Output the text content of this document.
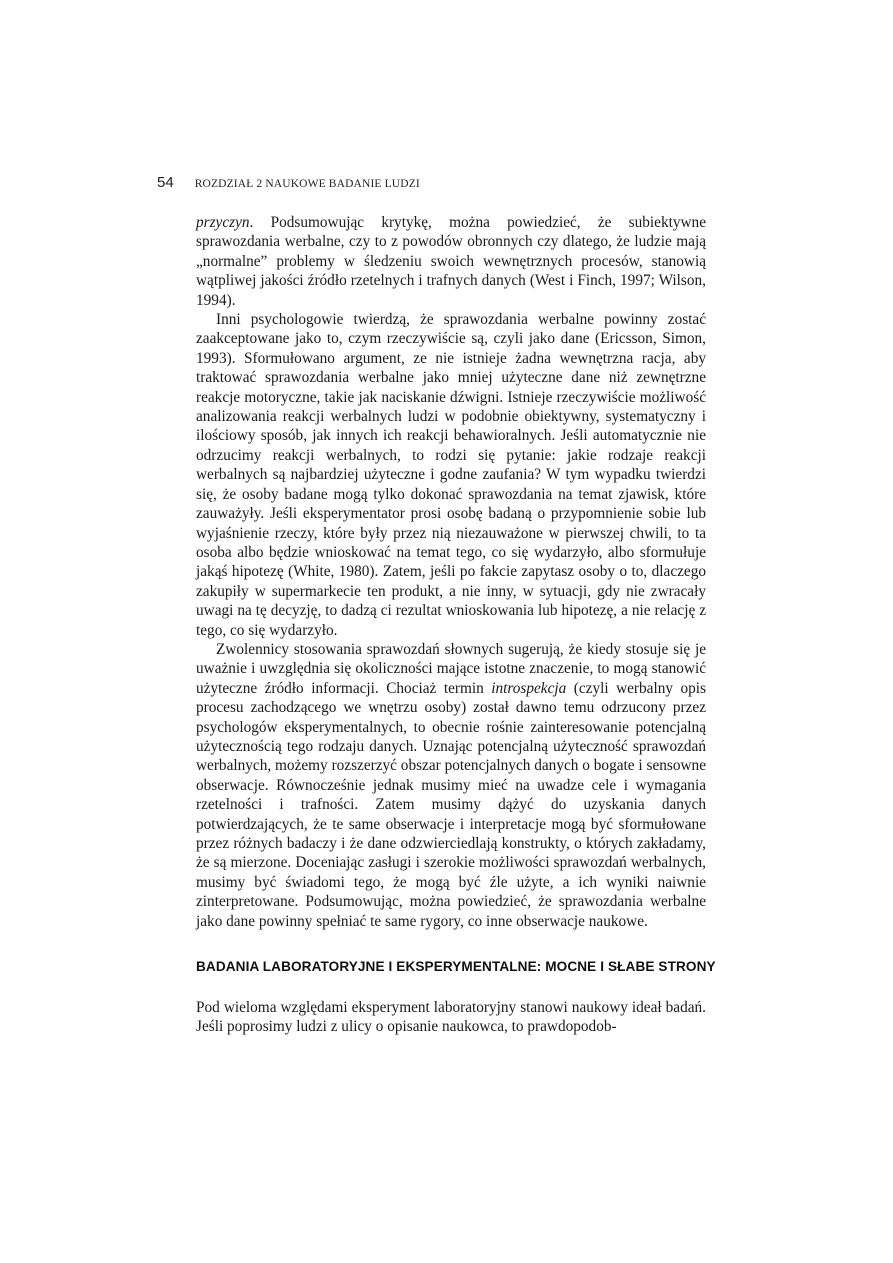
54 ROZDZIAŁ 2 NAUKOWE BADANIE LUDZI

przyczyn. Podsumowując krytykę, można powiedzieć, że subiektywne sprawozdania werbalne, czy to z powodów obronnych czy dlatego, że ludzie mają „normalne” problemy w śledzeniu swoich wewnętrznych procesów, stanowią wątpliwej jakości źródło rzetelnych i trafnych danych (West i Finch, 1997; Wilson, 1994).

Inni psychologowie twierdzą, że sprawozdania werbalne powinny zostać zaakceptowane jako to, czym rzeczywiście są, czyli jako dane (Ericsson, Simon, 1993). Sformułowano argument, ze nie istnieje żadna wewnętrzna racja, aby traktować sprawozdania werbalne jako mniej użyteczne dane niż zewnętrzne reakcje motoryczne, takie jak naciskanie dźwigni. Istnieje rzeczywiście możliwość analizowania reakcji werbalnych ludzi w podobnie obiektywny, systematyczny i ilościowy sposób, jak innych ich reakcji behawioralnych. Jeśli automatycznie nie odrzucimy reakcji werbalnych, to rodzi się pytanie: jakie rodzaje reakcji werbalnych są najbardziej użyteczne i godne zaufania? W tym wypadku twierdzi się, że osoby badane mogą tylko dokonać sprawozdania na temat zjawisk, które zauważyły. Jeśli eksperymentator prosi osobę badaną o przypomnienie sobie lub wyjaśnienie rzeczy, które były przez nią niezauważone w pierwszej chwili, to ta osoba albo będzie wnioskować na temat tego, co się wydarzyło, albo sformułuje jakąś hipotezę (White, 1980). Zatem, jeśli po fakcie zapytasz osoby o to, dlaczego zakupiły w supermarkecie ten produkt, a nie inny, w sytuacji, gdy nie zwracały uwagi na tę decyzję, to dadzą ci rezultat wnioskowania lub hipotezę, a nie relację z tego, co się wydarzyło.

Zwolennicy stosowania sprawozdań słownych sugerują, że kiedy stosuje się je uważnie i uwzględnia się okoliczności mające istotne znaczenie, to mogą stanowić użyteczne źródło informacji. Chociaż termin introspekcja (czyli werbalny opis procesu zachodzącego we wnętrzu osoby) został dawno temu odrzucony przez psychologów eksperymentalnych, to obecnie rośnie zainteresowanie potencjalną użytecznością tego rodzaju danych. Uznając potencjalną użyteczność sprawozdań werbalnych, możemy rozszerzyć obszar potencjalnych danych o bogate i sensowne obserwacje. Równocześnie jednak musimy mieć na uwadze cele i wymagania rzetelności i trafności. Zatem musimy dążyć do uzyskania danych potwierdzających, że te same obserwacje i interpretacje mogą być sformułowane przez różnych badaczy i że dane odzwierciedlają konstrukty, o których zakładamy, że są mierzone. Doceniając zasługi i szerokie możliwości sprawozdań werbalnych, musimy być świadomi tego, że mogą być źle użyte, a ich wyniki naiwnie zinterpretowane. Podsumowując, można powiedzieć, że sprawozdania werbalne jako dane powinny spełniać te same rygory, co inne obserwacje naukowe.

BADANIA LABORATORYJNE I EKSPERYMENTALNE: MOCNE I SŁABE STRONY

Pod wieloma względami eksperyment laboratoryjny stanowi naukowy ideał badań. Jeśli poprosimy ludzi z ulicy o opisanie naukowca, to prawdopodob-
